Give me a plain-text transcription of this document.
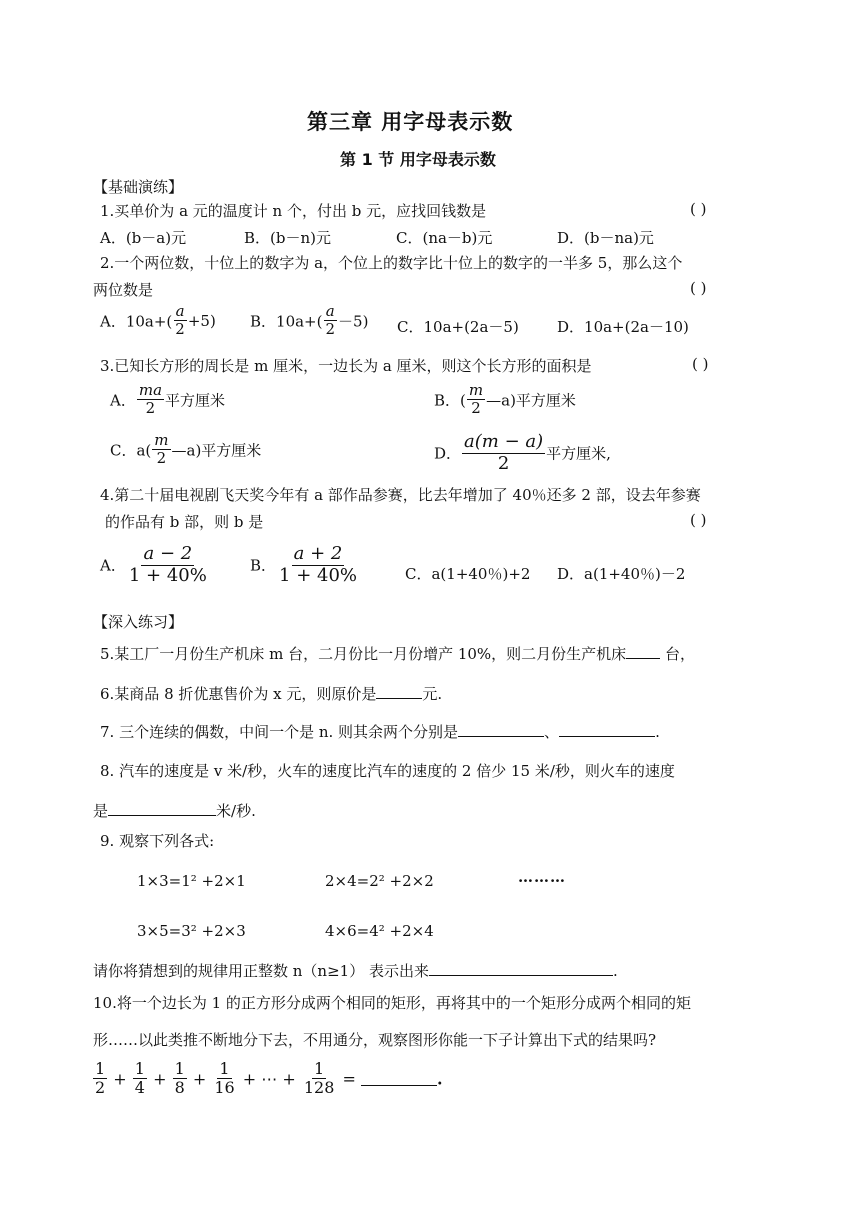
第三章 用字母表示数
第 1 节 用字母表示数
【基础演练】
1.买单价为 a 元的温度计 n 个，付出 b 元，应找回钱数是	( )
A．(b－a)元	B．(b－n)元	C．(na－b)元	D．(b－na)元
2.一个两位数，十位上的数字为 a，个位上的数字比十位上的数字的一半多 5，那么这个
两位数是	( )
A．$10a+( \frac{a}{2} +5)$ B．$10a+( \frac{a}{2} -5)$ C．10a+(2a－5)	D．10a+(2a－10)
3.已知长方形的周长是 m 厘米，一边长为 a 厘米，则这个长方形的面积是	( )
A． $\frac{ma}{2}$ 平方厘米	B．( $\frac{m}{2}$ —a)平方厘米
C．$a( \frac{m}{2}$ —a)平方厘米	D． $\frac{a(m - a)}{2}$ 平方厘米,
4.第二十届电视剧飞天奖今年有 a 部作品参赛，比去年增加了 40％还多 2 部，设去年参赛
的作品有 b 部，则 b 是	( )
A． $\frac{a - 2}{1 + 40\%}$	B． $\frac{a + 2}{1 + 40\%}$	C．a(1+40％)+2 D．a(1+40％)－2
【深入练习】
5.某工厂一月份生产机床 m 台，二月份比一月份增产 10%，则二月份生产机床 台，
6.某商品 8 折优惠售价为 x 元，则原价是	元.
7. 三个连续的偶数，中间一个是 n. 则其余两个分别是	、	.
8. 汽车的速度是 v 米/秒，火车的速度比汽车的速度的 2 倍少 15 米/秒，则火车的速度
是	米/秒.
9. 观察下列各式:
1×3=1² +2×1	2×4=2² +2×2	………
3×5=3² +2×3	4×6=4² +2×4
请你将猜想到的规律用正整数 n（n≥1） 表示出来	.
10.将一个边长为 1 的正方形分成两个相同的矩形，再将其中的一个矩形分成两个相同的矩
形……以此类推不断地分下去，不用通分，观察图形你能一下子计算出下式的结果吗?
$\frac{1}{2} + \frac{1}{4} + \frac{1}{8} + \frac{1}{16}$ + ⋯ + $\frac{1}{128}$ =	.
